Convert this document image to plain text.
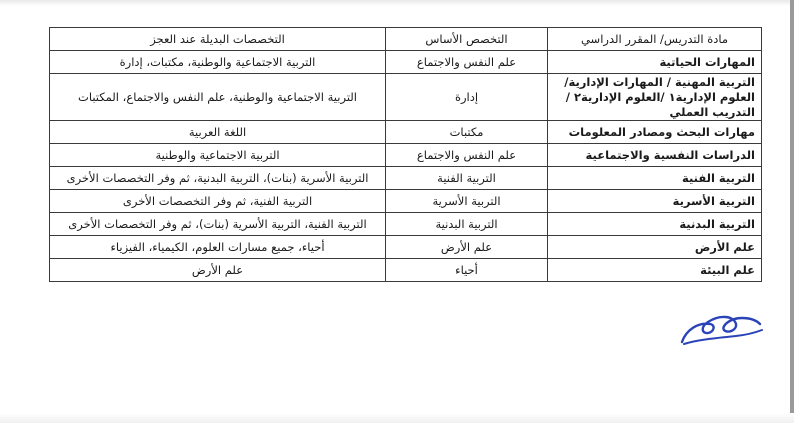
مادة التدريس/ المقرر الدراسي	التخصص الأساس	التخصصات البديلة عند العجز
المهارات الحياتية	علم النفس والاجتماع	التربية الاجتماعية والوطنية، مكتبات، إدارة
التربية المهنية / المهارات الإدارية/ العلوم الإدارية١ /العلوم الإدارية٢ / التدريب العملي	إدارة	التربية الاجتماعية والوطنية، علم النفس والاجتماع، المكتبات
مهارات البحث ومصادر المعلومات	مكتبات	اللغة العربية
الدراسات النفسية والاجتماعية	علم النفس والاجتماع	التربية الاجتماعية والوطنية
التربية الفنية	التربية الفنية	التربية الأسرية (بنات)، التربية البدنية، ثم وفر التخصصات الأخرى
التربية الأسرية	التربية الأسرية	التربية الفنية، ثم وفر التخصصات الأخرى
التربية البدنية	التربية البدنية	التربية الفنية، التربية الأسرية (بنات)، ثم وفر التخصصات الأخرى
علم الأرض	علم الأرض	أحياء، جميع مسارات العلوم، الكيمياء، الفيزياء
علم البيئة	أحياء	علم الأرض
